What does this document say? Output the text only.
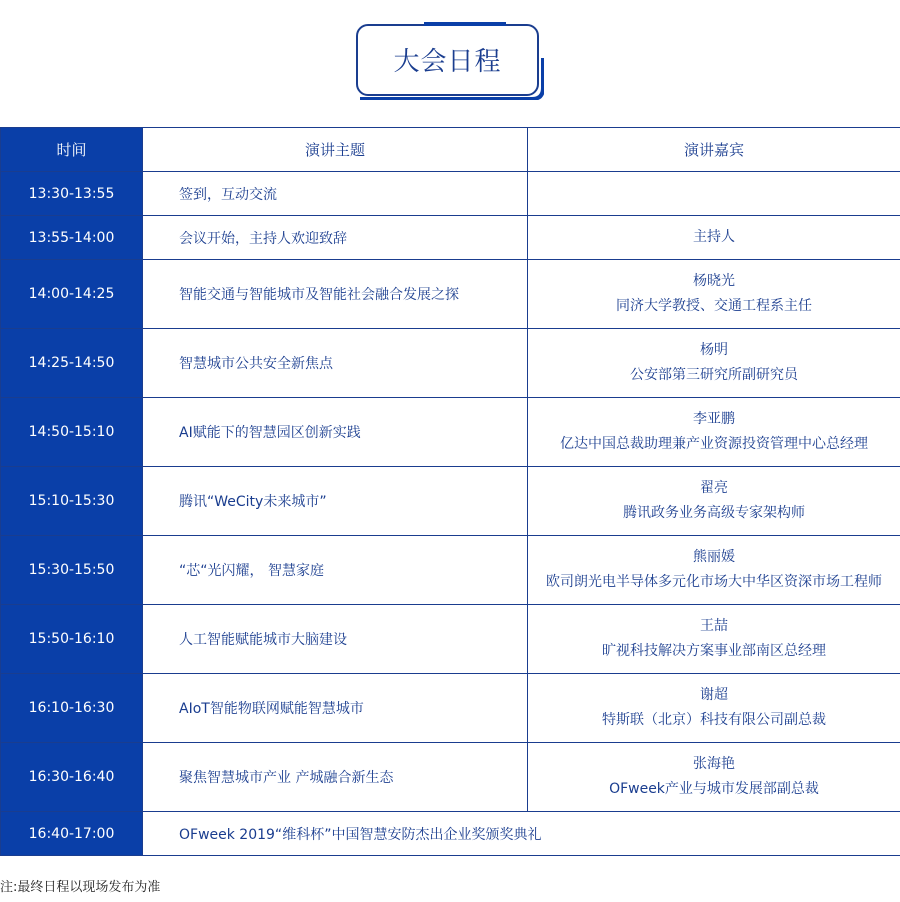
大会日程
时间	演讲主题	演讲嘉宾
13:30-13:55	签到，互动交流	
13:55-14:00	会议开始，主持人欢迎致辞	主持人

14:00-14:25	智能交通与智能城市及智能社会融合发展之探	杨晓光
同济大学教授、交通工程系主任

14:25-14:50	智慧城市公共安全新焦点	杨明
公安部第三研究所副研究员

14:50-15:10	AI赋能下的智慧园区创新实践	李亚鹏
亿达中国总裁助理兼产业资源投资管理中心总经理

15:10-15:30	腾讯“WeCity未来城市”	翟亮
腾讯政务业务高级专家架构师

15:30-15:50	“芯“光闪耀， 智慧家庭	熊丽媛
欧司朗光电半导体多元化市场大中华区资深市场工程师

15:50-16:10	人工智能赋能城市大脑建设	王喆
旷视科技解决方案事业部南区总经理

16:10-16:30	AIoT智能物联网赋能智慧城市	谢超
特斯联（北京）科技有限公司副总裁

16:30-16:40	聚焦智慧城市产业 产城融合新生态	张海艳
OFweek产业与城市发展部副总裁

16:40-17:00	OFweek 2019“维科杯”中国智慧安防杰出企业奖颁奖典礼	
注:最终日程以现场发布为准
